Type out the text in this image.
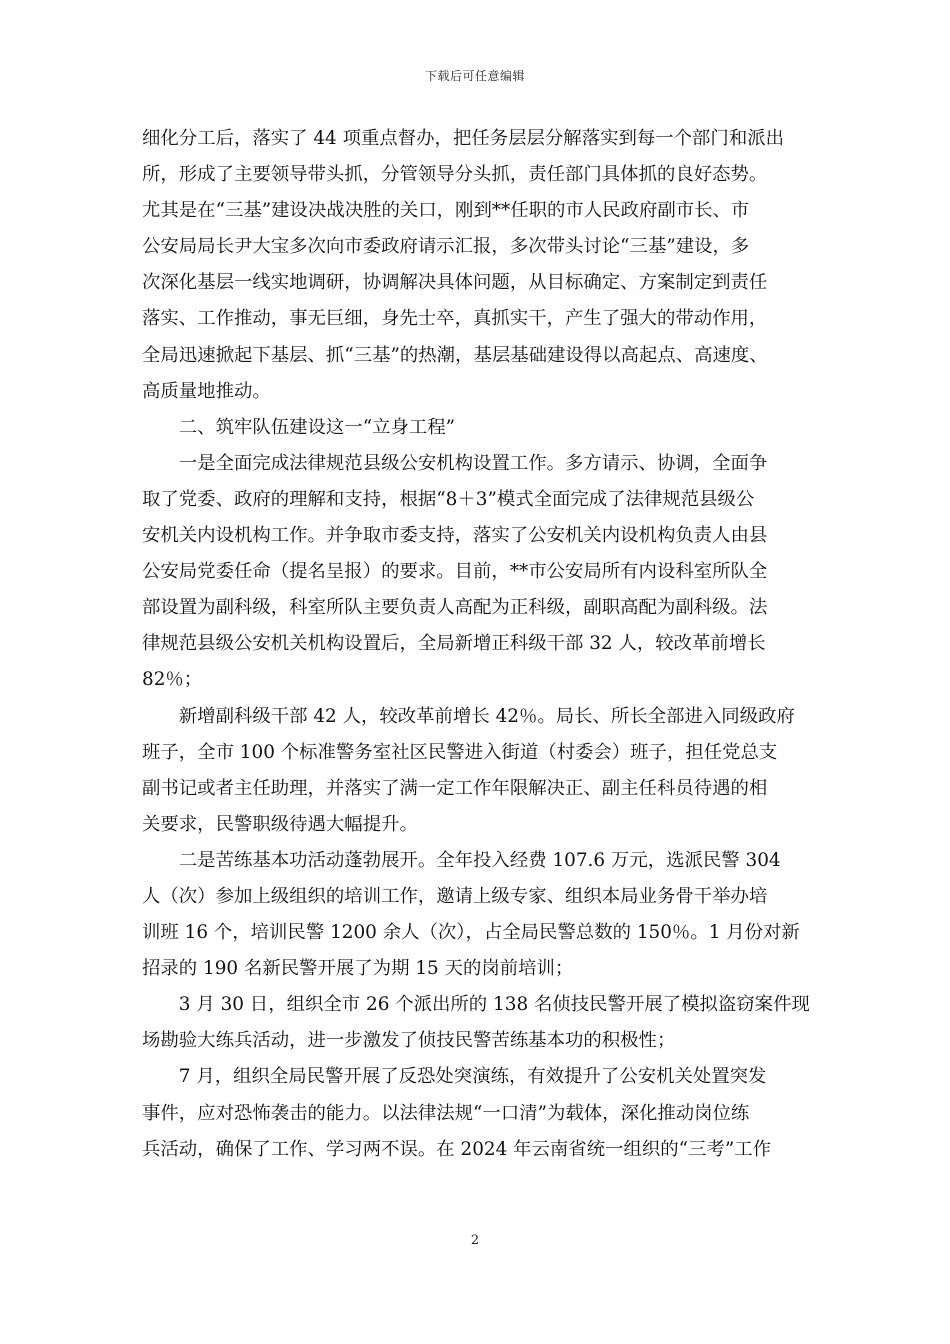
下载后可任意编辑
细化分工后，落实了 44 项重点督办，把任务层层分解落实到每一个部门和派出
所，形成了主要领导带头抓，分管领导分头抓，责任部门具体抓的良好态势。
尤其是在“三基”建设决战决胜的关口，刚到**任职的市人民政府副市长、市
公安局局长尹大宝多次向市委政府请示汇报，多次带头讨论“三基”建设，多
次深化基层一线实地调研，协调解决具体问题，从目标确定、方案制定到责任
落实、工作推动，事无巨细，身先士卒，真抓实干，产生了强大的带动作用，
全局迅速掀起下基层、抓“三基”的热潮，基层基础建设得以高起点、高速度、
高质量地推动。
　　二、筑牢队伍建设这一“立身工程”
　　一是全面完成法律规范县级公安机构设置工作。多方请示、协调，全面争
取了党委、政府的理解和支持，根据“8＋3”模式全面完成了法律规范县级公
安机关内设机构工作。并争取市委支持，落实了公安机关内设机构负责人由县
公安局党委任命（提名呈报）的要求。目前，**市公安局所有内设科室所队全
部设置为副科级，科室所队主要负责人高配为正科级，副职高配为副科级。法
律规范县级公安机关机构设置后，全局新增正科级干部 32 人，较改革前增长
82％；
　　新增副科级干部 42 人，较改革前增长 42％。局长、所长全部进入同级政府
班子，全市 100 个标准警务室社区民警进入街道（村委会）班子，担任党总支
副书记或者主任助理，并落实了满一定工作年限解决正、副主任科员待遇的相
关要求，民警职级待遇大幅提升。
　　二是苦练基本功活动蓬勃展开。全年投入经费 107.6 万元，选派民警 304
人（次）参加上级组织的培训工作，邀请上级专家、组织本局业务骨干举办培
训班 16 个，培训民警 1200 余人（次），占全局民警总数的 150％。1 月份对新
招录的 190 名新民警开展了为期 15 天的岗前培训；
　　3 月 30 日，组织全市 26 个派出所的 138 名侦技民警开展了模拟盗窃案件现
场勘验大练兵活动，进一步激发了侦技民警苦练基本功的积极性；
　　7 月，组织全局民警开展了反恐处突演练，有效提升了公安机关处置突发
事件，应对恐怖袭击的能力。以法律法规“一口清”为载体，深化推动岗位练
兵活动，确保了工作、学习两不误。在 2024 年云南省统一组织的“三考”工作
2
